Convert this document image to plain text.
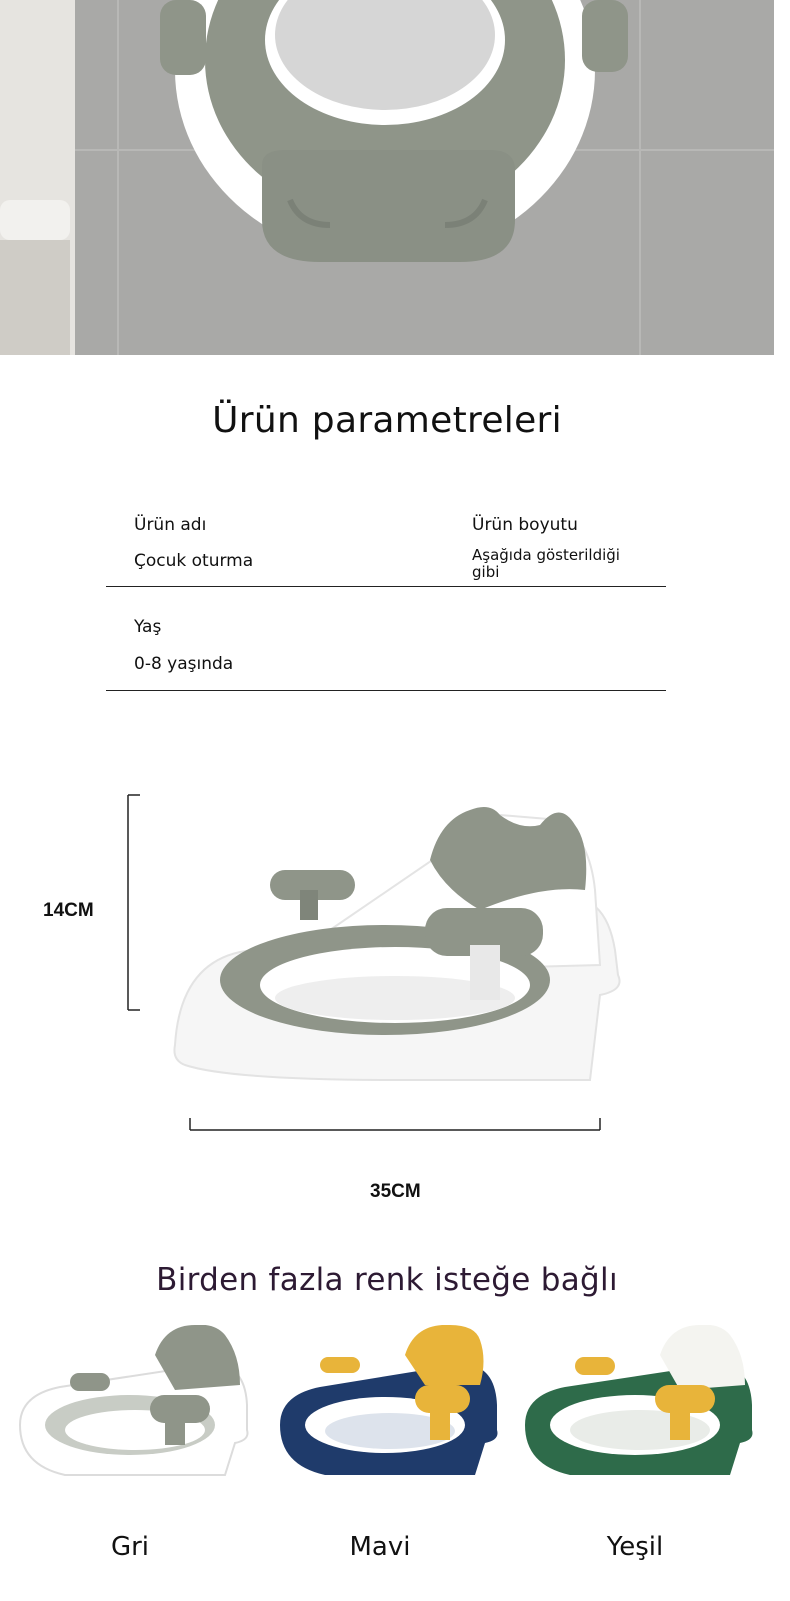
Ürün parametreleri
Ürün adı
Çocuk oturma
Ürün boyutu
Aşağıda gösterildiği gibi
Yaş
0-8 yaşında
14CM
35CM
Birden fazla renk isteğe bağlı
Gri	Mavi	Yeşil
